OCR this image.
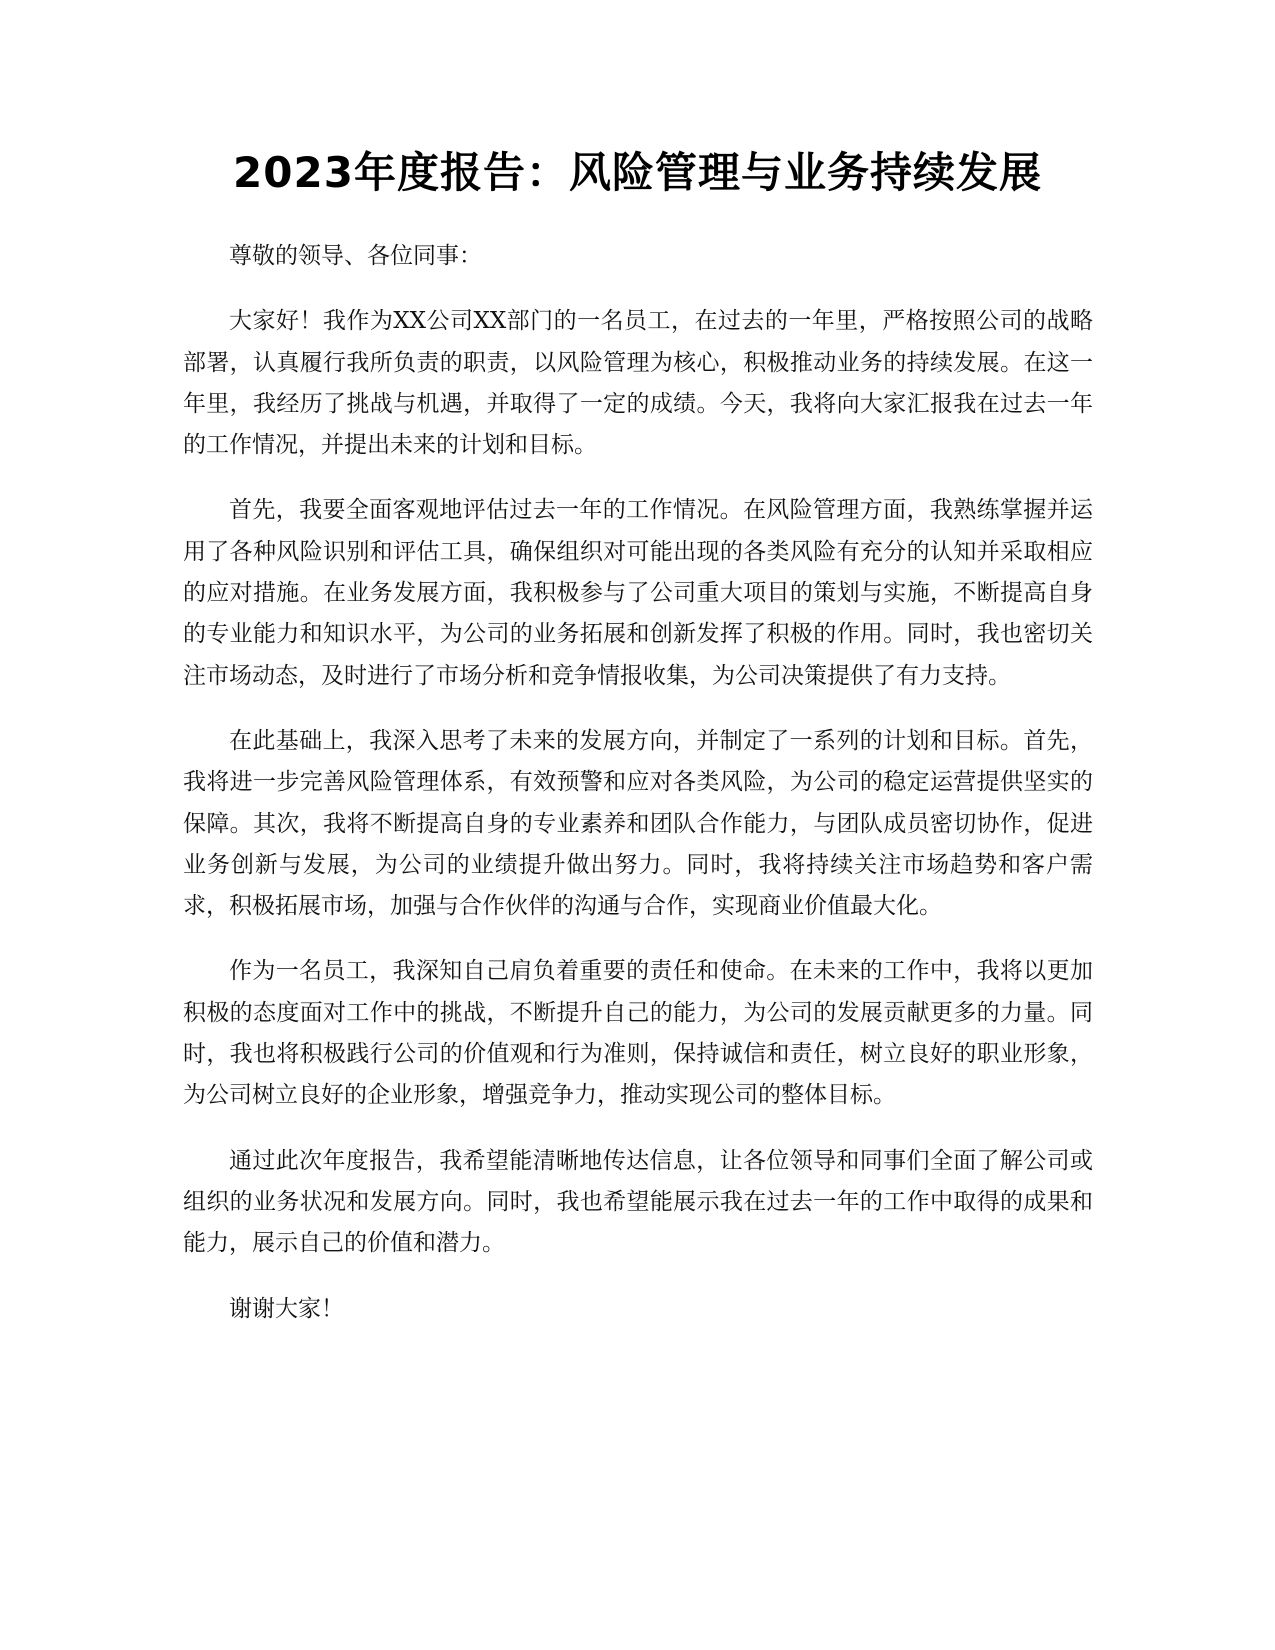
2023年度报告：风险管理与业务持续发展

尊敬的领导、各位同事：

大家好！我作为XX公司XX部门的一名员工，在过去的一年里，严格按照公司的战略部署，认真履行我所负责的职责，以风险管理为核心，积极推动业务的持续发展。在这一年里，我经历了挑战与机遇，并取得了一定的成绩。今天，我将向大家汇报我在过去一年的工作情况，并提出未来的计划和目标。

首先，我要全面客观地评估过去一年的工作情况。在风险管理方面，我熟练掌握并运用了各种风险识别和评估工具，确保组织对可能出现的各类风险有充分的认知并采取相应的应对措施。在业务发展方面，我积极参与了公司重大项目的策划与实施，不断提高自身的专业能力和知识水平，为公司的业务拓展和创新发挥了积极的作用。同时，我也密切关注市场动态，及时进行了市场分析和竞争情报收集，为公司决策提供了有力支持。

在此基础上，我深入思考了未来的发展方向，并制定了一系列的计划和目标。首先，我将进一步完善风险管理体系，有效预警和应对各类风险，为公司的稳定运营提供坚实的保障。其次，我将不断提高自身的专业素养和团队合作能力，与团队成员密切协作，促进业务创新与发展，为公司的业绩提升做出努力。同时，我将持续关注市场趋势和客户需求，积极拓展市场，加强与合作伙伴的沟通与合作，实现商业价值最大化。

作为一名员工，我深知自己肩负着重要的责任和使命。在未来的工作中，我将以更加积极的态度面对工作中的挑战，不断提升自己的能力，为公司的发展贡献更多的力量。同时，我也将积极践行公司的价值观和行为准则，保持诚信和责任，树立良好的职业形象，为公司树立良好的企业形象，增强竞争力，推动实现公司的整体目标。

通过此次年度报告，我希望能清晰地传达信息，让各位领导和同事们全面了解公司或组织的业务状况和发展方向。同时，我也希望能展示我在过去一年的工作中取得的成果和能力，展示自己的价值和潜力。

谢谢大家！
